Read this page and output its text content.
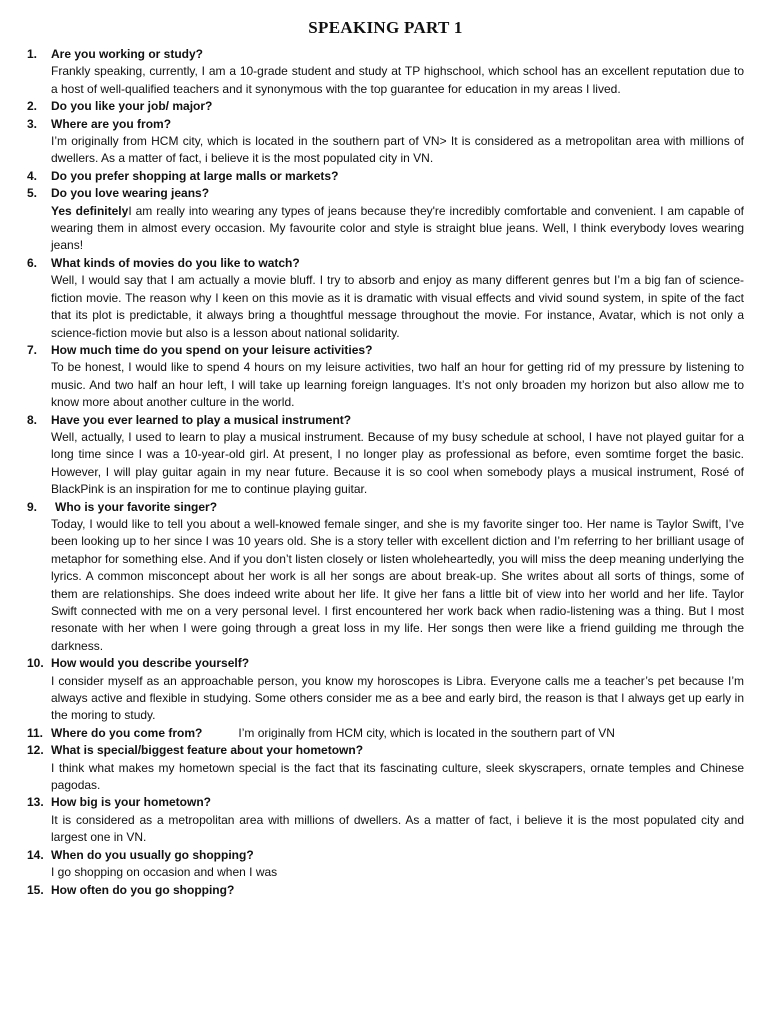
SPEAKING PART 1
1. Are you working or study?

Frankly speaking, currently, I am a 10-grade student and study at TP highschool, which school has an excellent reputation due to a host of well-qualified teachers and it synonymous with the top guarantee for education in my areas I lived.

2. Do you like your job/ major?
3. Where are you from?

I’m originally from HCM city, which is located in the southern part of VN> It is considered as a metropolitan area with millions of dwellers. As a matter of fact, i believe it is the most populated city in VN.

4. Do you prefer shopping at large malls or markets?
5. Do you love wearing jeans?

Yes definitelyI am really into wearing any types of jeans because they're incredibly comfortable and convenient. I am capable of wearing them in almost every occasion. My favourite color and style is straight blue jeans. Well, I think everybody loves wearing jeans!

6. What kinds of movies do you like to watch?

Well, I would say that I am actually a movie bluff. I try to absorb and enjoy as many different genres but I’m a big fan of science-fiction movie. The reason why I keen on this movie as it is dramatic with visual effects and vivid sound system, in spite of the fact that its plot is predictable, it always bring a thoughtful message throughout the movie. For instance, Avatar, which is not only a science-fiction movie but also is a lesson about national solidarity.

7. How much time do you spend on your leisure activities?

To be honest, I would like to spend 4 hours on my leisure activities, two half an hour for getting rid of my pressure by listening to music. And two half an hour left, I will take up learning foreign languages. It’s not only broaden my horizon but also allow me to know more about another culture in the world.

8. Have you ever learned to play a musical instrument?

Well, actually, I used to learn to play a musical instrument. Because of my busy schedule at school, I have not played guitar for a long time since I was a 10-year-old girl. At present, I no longer play as professional as before, even somtime forget the basic. However, I will play guitar again in my near future. Because it is so cool when somebody plays a musical instrument, Rosé of BlackPink is an inspiration for me to continue playing guitar.

9.	Who is your favorite singer?

Today, I would like to tell you about a well-knowed female singer, and she is my favorite singer too. Her name is Taylor Swift, I’ve been looking up to her since I was 10 years old. She is a story teller with excellent diction and I’m referring to her brilliant usage of metaphor for something else. And if you don’t listen closely or listen wholeheartedly, you will miss the deep meaning underlying the lyrics. A common misconcept about her work is all her songs are about break-up. She writes about all sorts of things, some of them are relationships. She does indeed write about her life. It give her fans a little bit of view into her world and her life. Taylor Swift connected with me on a very personal level. I first encountered her work back when radio-listening was a thing. But I most resonate with her when I were going through a great loss in my life. Her songs then were like a friend guilding me through the darkness.

10. How would you describe yourself?

I consider myself as an approachable person, you know my horoscopes is Libra. Everyone calls me a teacher’s pet because I’m always active and flexible in studying. Some others consider me as a bee and early bird, the reason is that I always get up early in the moring to study.

11. Where do you come from?	I’m originally from HCM city, which is located in the southern part of VN
12. What is special/biggest feature about your hometown?

I think what makes my hometown special is the fact that its fascinating culture, sleek skyscrapers, ornate temples and Chinese pagodas.

13. How big is your hometown?

It is considered as a metropolitan area with millions of dwellers. As a matter of fact, i believe it is the most populated city and largest one in VN.

14. When do you usually go shopping?

I go shopping on occasion and when I was

15. How often do you go shopping?
